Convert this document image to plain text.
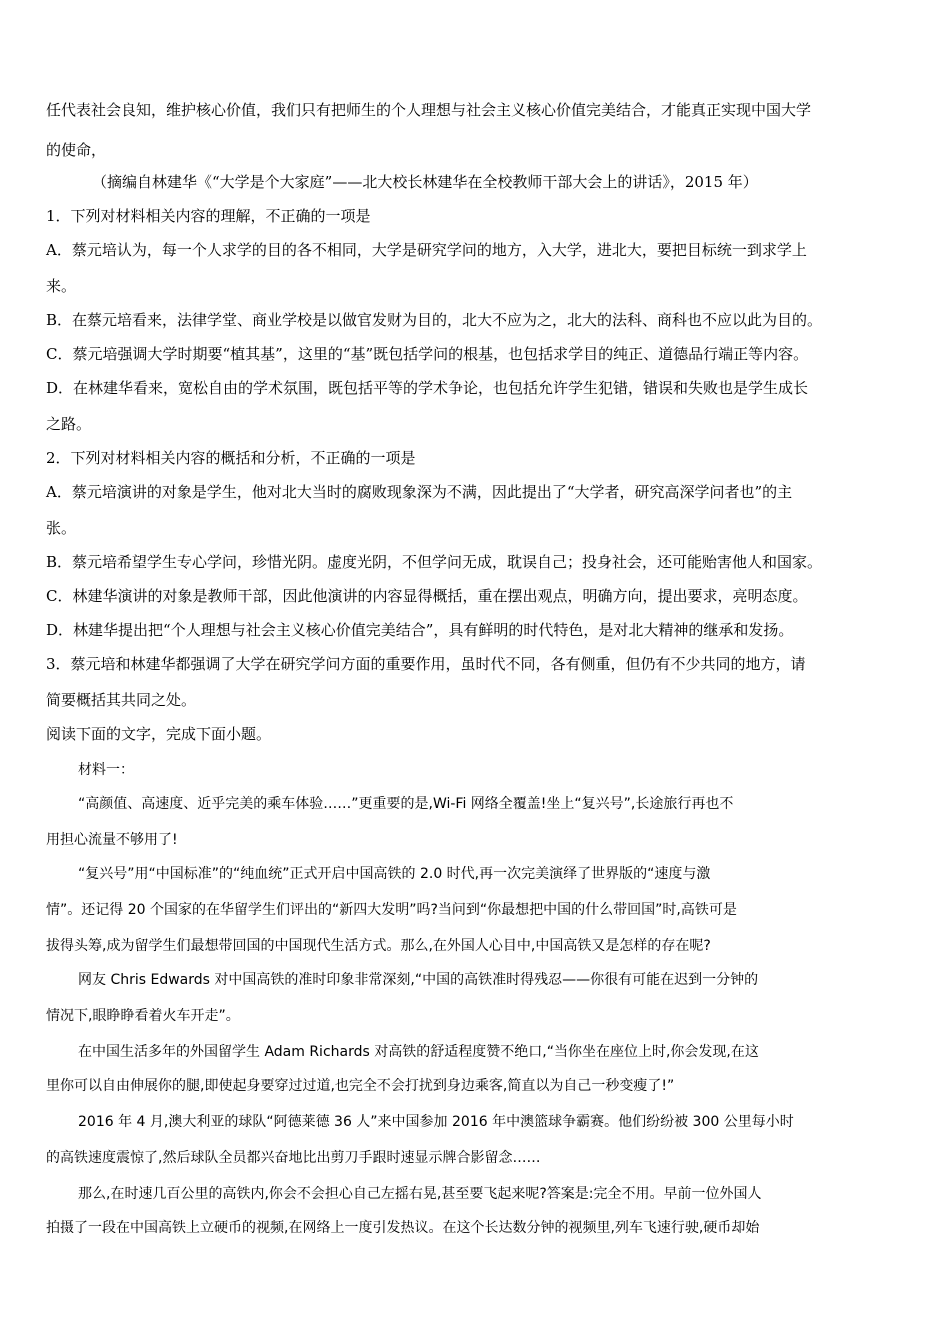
任代表社会良知，维护核心价值，我们只有把师生的个人理想与社会主义核心价值完美结合，才能真正实现中国大学

的使命，

（摘编自林建华《“大学是个大家庭”——北大校长林建华在全校教师干部大会上的讲话》，2015 年）

1．下列对材料相关内容的理解，不正确的一项是

A．蔡元培认为，每一个人求学的目的各不相同，大学是研究学问的地方，入大学，进北大，要把目标统一到求学上

来。

B．在蔡元培看来，法律学堂、商业学校是以做官发财为目的，北大不应为之，北大的法科、商科也不应以此为目的。

C．蔡元培强调大学时期要“植其基”，这里的“基”既包括学问的根基，也包括求学目的纯正、道德品行端正等内容。

D．在林建华看来，宽松自由的学术氛围，既包括平等的学术争论，也包括允许学生犯错，错误和失败也是学生成长

之路。

2．下列对材料相关内容的概括和分析，不正确的一项是

A．蔡元培演讲的对象是学生，他对北大当时的腐败现象深为不满，因此提出了“大学者，研究高深学问者也”的主

张。

B．蔡元培希望学生专心学问，珍惜光阴。虚度光阴，不但学问无成，耽误自己；投身社会，还可能贻害他人和国家。

C．林建华演讲的对象是教师干部，因此他演讲的内容显得概括，重在摆出观点，明确方向，提出要求，亮明态度。

D．林建华提出把“个人理想与社会主义核心价值完美结合”，具有鲜明的时代特色，是对北大精神的继承和发扬。

3．蔡元培和林建华都强调了大学在研究学问方面的重要作用，虽时代不同，各有侧重，但仍有不少共同的地方，请

简要概括其共同之处。

阅读下面的文字，完成下面小题。

材料一：

“高颜值、高速度、近乎完美的乘车体验……”更重要的是,Wi-Fi 网络全覆盖!坐上“复兴号”,长途旅行再也不

用担心流量不够用了!

“复兴号”用“中国标准”的“纯血统”正式开启中国高铁的 2.0 时代,再一次完美演绎了世界版的“速度与激

情”。还记得 20 个国家的在华留学生们评出的“新四大发明”吗?当问到“你最想把中国的什么带回国”时,高铁可是

拔得头筹,成为留学生们最想带回国的中国现代生活方式。那么,在外国人心目中,中国高铁又是怎样的存在呢?

网友 Chris Edwards 对中国高铁的准时印象非常深刻,“中国的高铁准时得残忍——你很有可能在迟到一分钟的

情况下,眼睁睁看着火车开走”。

在中国生活多年的外国留学生 Adam Richards 对高铁的舒适程度赞不绝口,“当你坐在座位上时,你会发现,在这

里你可以自由伸展你的腿,即使起身要穿过过道,也完全不会打扰到身边乘客,简直以为自己一秒变瘦了!”

2016 年 4 月,澳大利亚的球队“阿德莱德 36 人”来中国参加 2016 年中澳篮球争霸赛。他们纷纷被 300 公里每小时

的高铁速度震惊了,然后球队全员都兴奋地比出剪刀手跟时速显示牌合影留念……

那么,在时速几百公里的高铁内,你会不会担心自己左摇右晃,甚至要飞起来呢?答案是:完全不用。早前一位外国人

拍摄了一段在中国高铁上立硬币的视频,在网络上一度引发热议。在这个长达数分钟的视频里,列车飞速行驶,硬币却始
